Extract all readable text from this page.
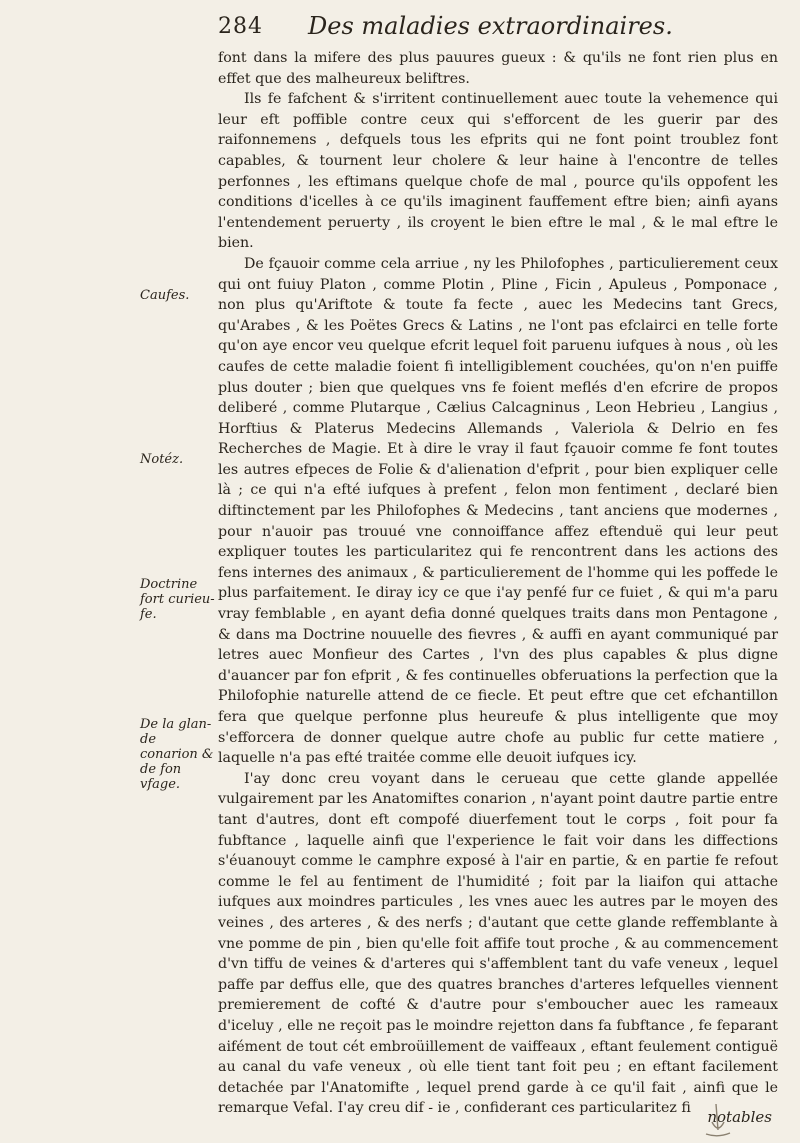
284 Des maladies extraordinaires.
Caufes.
Notéz.
Doctrine fort curieu-fe.
De la glan-de conarion & de fon vfage.

font dans la mifere des plus pauures gueux : & qu'ils ne font rien plus en effet que des malheureux beliftres.

Ils fe fafchent & s'irritent continuellement auec toute la vehemence qui leur eft poffible contre ceux qui s'efforcent de les guerir par des raifonnemens , defquels tous les efprits qui ne font point troublez font capables, & tournent leur cholere & leur haine à l'encontre de telles perfonnes , les eftimans quelque chofe de mal , pource qu'ils oppofent les conditions d'icelles à ce qu'ils imaginent fauffement eftre bien; ainfi ayans l'entendement peruerty , ils croyent le bien eftre le mal , & le mal eftre le bien.

De fçauoir comme cela arriue , ny les Philofophes , particulierement ceux qui ont fuiuy Platon , comme Plotin , Pline , Ficin , Apuleus , Pomponace , non plus qu'Ariftote & toute fa fecte , auec les Medecins tant Grecs, qu'Arabes , & les Poëtes Grecs & Latins , ne l'ont pas efclairci en telle forte qu'on aye encor veu quelque efcrit lequel foit paruenu iufques à nous , où les caufes de cette maladie foient fi intelligiblement couchées, qu'on n'en puiffe plus douter ; bien que quelques vns fe foient meflés d'en efcrire de propos deliberé , comme Plutarque , Cælius Calcagninus , Leon Hebrieu , Langius , Horftius & Platerus Medecins Allemands , Valeriola & Delrio en fes Recherches de Magie. Et à dire le vray il faut fçauoir comme fe font toutes les autres efpeces de Folie & d'alienation d'efprit , pour bien expliquer celle là ; ce qui n'a efté iufques à prefent , felon mon fentiment , declaré bien diftinctement par les Philofophes & Medecins , tant anciens que modernes , pour n'auoir pas trouué vne connoiffance affez eftenduë qui leur peut expliquer toutes les particularitez qui fe rencontrent dans les actions des fens internes des animaux , & particulierement de l'homme qui les poffede le plus parfaitement. Ie diray icy ce que i'ay penfé fur ce fuiet , & qui m'a paru vray femblable , en ayant defia donné quelques traits dans mon Pentagone , & dans ma Doctrine nouuelle des fievres , & auffi en ayant communiqué par letres auec Monfieur des Cartes , l'vn des plus capables & plus digne d'auancer par fon efprit , & fes continuelles obferuations la perfection que la Philofophie naturelle attend de ce fiecle. Et peut eftre que cet efchantillon fera que quelque perfonne plus heureufe & plus intelligente que moy s'efforcera de donner quelque autre chofe au public fur cette matiere , laquelle n'a pas efté traitée comme elle deuoit iufques icy.

I'ay donc creu voyant dans le cerueau que cette glande appellée vulgairement par les Anatomiftes conarion , n'ayant point dautre partie entre tant d'autres, dont eft compofé diuerfement tout le corps , foit pour fa fubftance , laquelle ainfi que l'experience le fait voir dans les diffections s'éuanouyt comme le camphre exposé à l'air en partie, & en partie fe refout comme le fel au fentiment de l'humidité ; foit par la liaifon qui attache iufques aux moindres particules , les vnes auec les autres par le moyen des veines , des arteres , & des nerfs ; d'autant que cette glande reffemblante à vne pomme de pin , bien qu'elle foit affife tout proche , & au commencement d'vn tiffu de veines & d'arteres qui s'affemblent tant du vafe veneux , lequel paffe par deffus elle, que des quatres branches d'arteres lefquelles viennent premierement de cofté & d'autre pour s'emboucher auec les rameaux d'iceluy , elle ne reçoit pas le moindre rejetton dans fa fubftance , fe feparant aifément de tout cét embroüillement de vaiffeaux , eftant feulement contiguë au canal du vafe veneux , où elle tient tant foit peu ; en eftant facilement detachée par l'Anatomifte , lequel prend garde à ce qu'il fait , ainfi que le remarque Vefal. I'ay creu dif - ie , confiderant ces particularitez fi	notables
